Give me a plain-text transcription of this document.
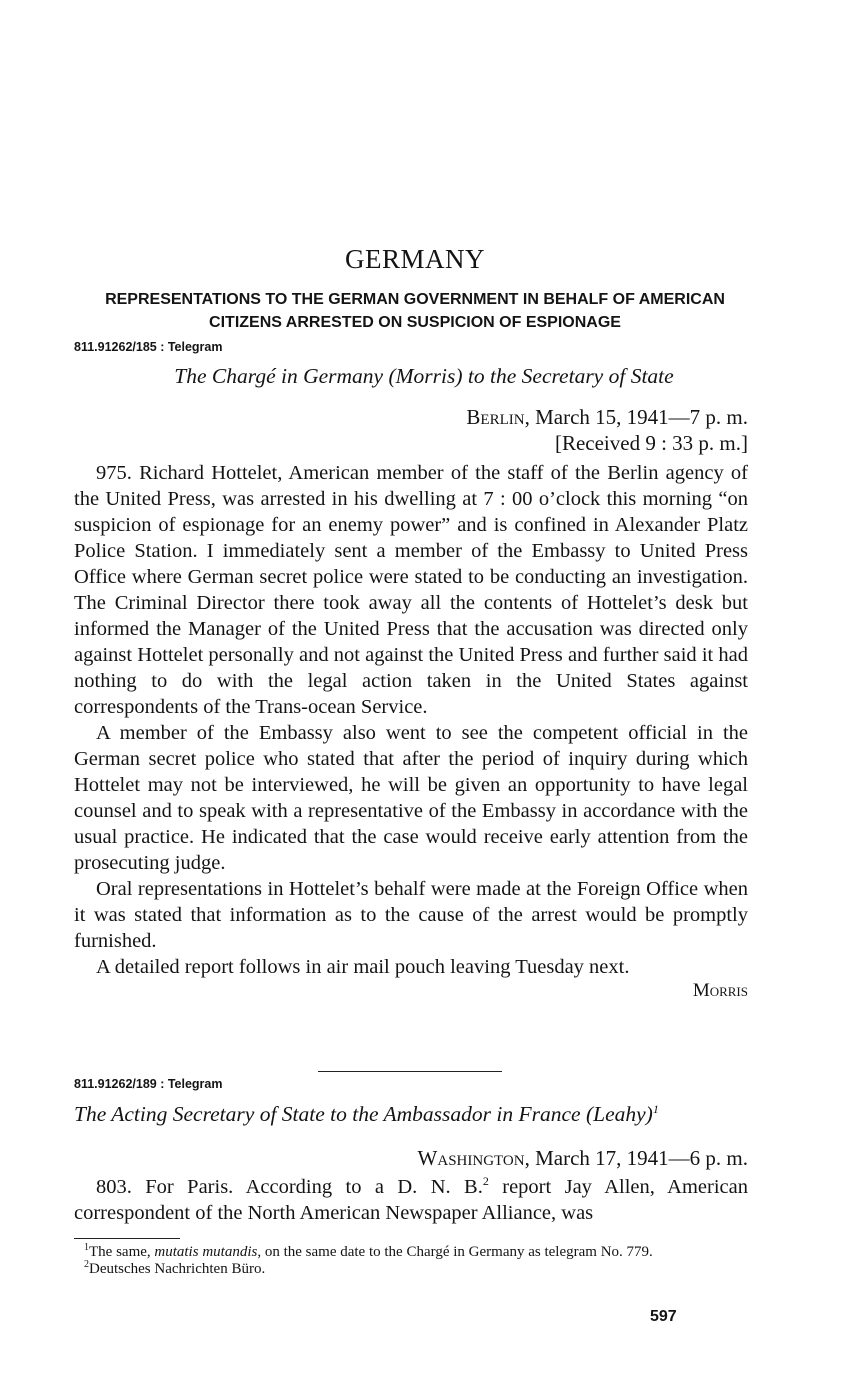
GERMANY
REPRESENTATIONS TO THE GERMAN GOVERNMENT IN BEHALF OF AMERICAN CITIZENS ARRESTED ON SUSPICION OF ESPIONAGE
811.91262/185 : Telegram
The Chargé in Germany (Morris) to the Secretary of State
Berlin, March 15, 1941—7 p. m.
[Received 9 : 33 p. m.]
975. Richard Hottelet, American member of the staff of the Berlin agency of the United Press, was arrested in his dwelling at 7 : 00 o’clock this morning “on suspicion of espionage for an enemy power” and is confined in Alexander Platz Police Station. I immediately sent a member of the Embassy to United Press Office where German secret police were stated to be conducting an investigation. The Criminal Director there took away all the contents of Hottelet’s desk but informed the Manager of the United Press that the accusation was directed only against Hottelet personally and not against the United Press and further said it had nothing to do with the legal action taken in the United States against correspondents of the Trans-ocean Service.
A member of the Embassy also went to see the competent official in the German secret police who stated that after the period of inquiry during which Hottelet may not be interviewed, he will be given an opportunity to have legal counsel and to speak with a representative of the Embassy in accordance with the usual practice. He indicated that the case would receive early attention from the prosecuting judge.
Oral representations in Hottelet’s behalf were made at the Foreign Office when it was stated that information as to the cause of the arrest would be promptly furnished.
A detailed report follows in air mail pouch leaving Tuesday next.
Morris
811.91262/189 : Telegram
The Acting Secretary of State to the Ambassador in France (Leahy)$^1$
Washington, March 17, 1941—6 p. m.
803. For Paris. According to a D. N. B.$^2$ report Jay Allen, American correspondent of the North American Newspaper Alliance, was
$^1$The same, mutatis mutandis, on the same date to the Chargé in Germany as telegram No. 779.
$^2$Deutsches Nachrichten Büro.
597
